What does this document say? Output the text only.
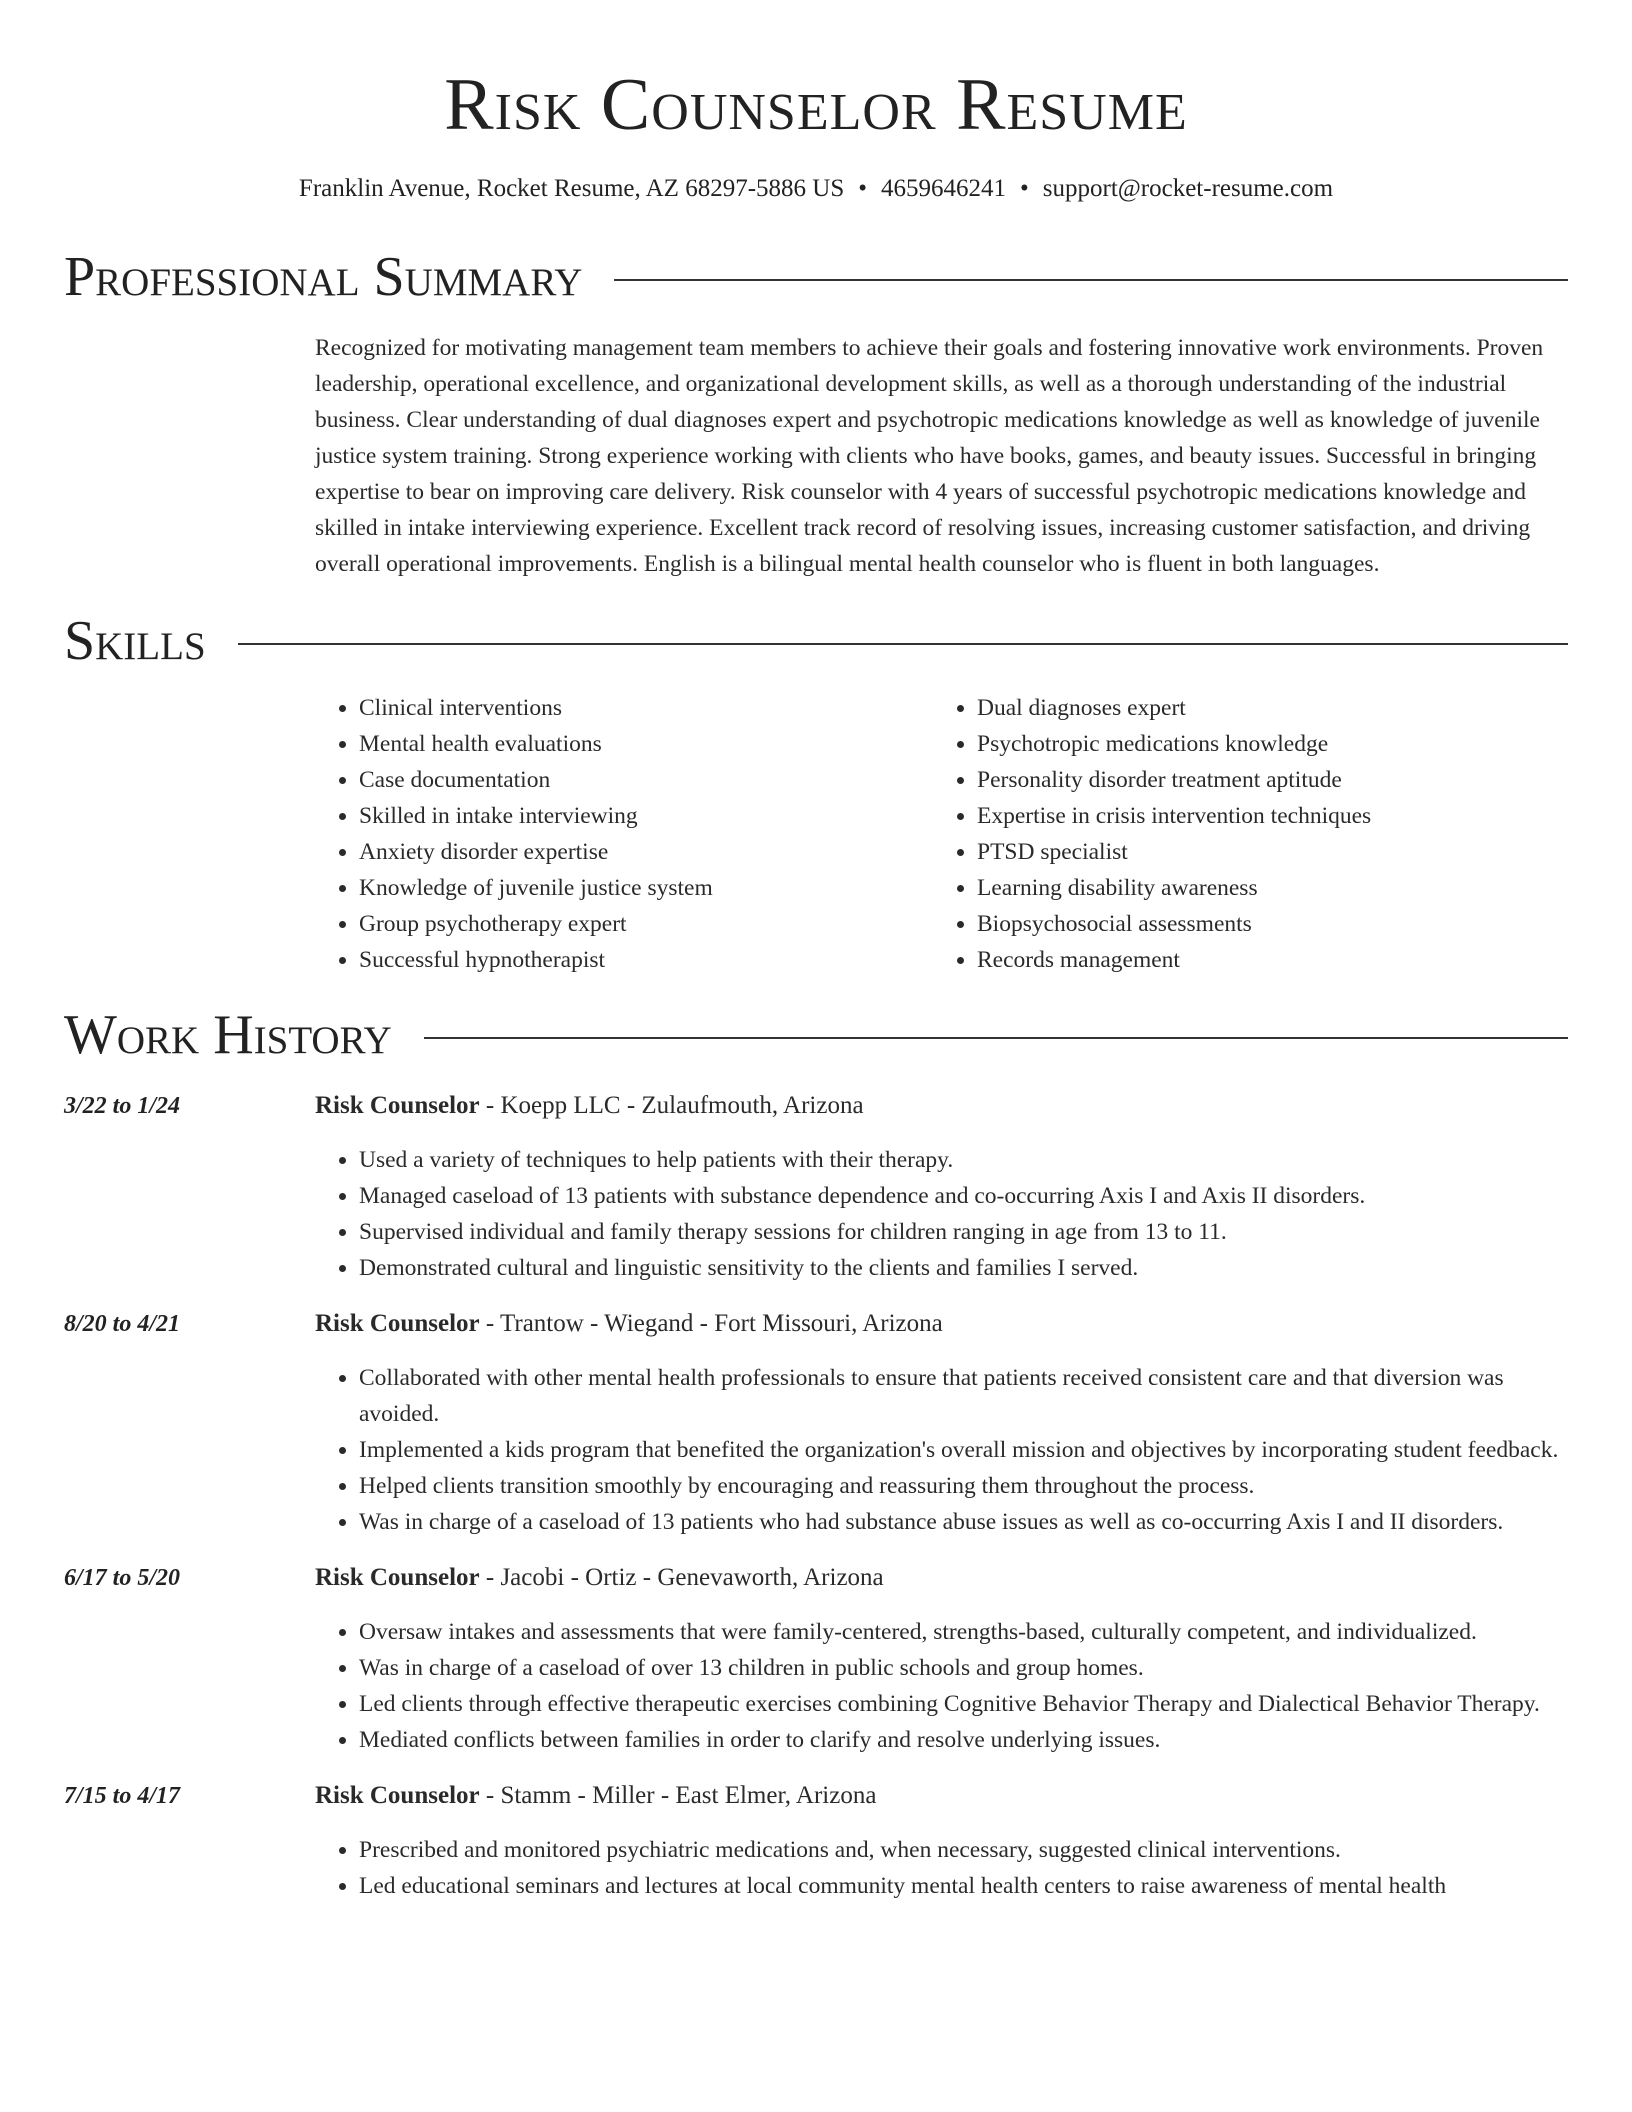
Risk Counselor Resume
Franklin Avenue, Rocket Resume, AZ 68297-5886 US • 4659646241 • support@rocket-resume.com
Professional Summary
Recognized for motivating management team members to achieve their goals and fostering innovative work environments. Proven leadership, operational excellence, and organizational development skills, as well as a thorough understanding of the industrial business. Clear understanding of dual diagnoses expert and psychotropic medications knowledge as well as knowledge of juvenile justice system training. Strong experience working with clients who have books, games, and beauty issues. Successful in bringing expertise to bear on improving care delivery. Risk counselor with 4 years of successful psychotropic medications knowledge and skilled in intake interviewing experience. Excellent track record of resolving issues, increasing customer satisfaction, and driving overall operational improvements. English is a bilingual mental health counselor who is fluent in both languages.
Skills
• Clinical interventions
• Mental health evaluations
• Case documentation
• Skilled in intake interviewing
• Anxiety disorder expertise
• Knowledge of juvenile justice system
• Group psychotherapy expert
• Successful hypnotherapist
• Dual diagnoses expert
• Psychotropic medications knowledge
• Personality disorder treatment aptitude
• Expertise in crisis intervention techniques
• PTSD specialist
• Learning disability awareness
• Biopsychosocial assessments
• Records management
Work History
3/22 to 1/24	Risk Counselor - Koepp LLC - Zulaufmouth, Arizona
• Used a variety of techniques to help patients with their therapy.
• Managed caseload of 13 patients with substance dependence and co-occurring Axis I and Axis II disorders.
• Supervised individual and family therapy sessions for children ranging in age from 13 to 11.
• Demonstrated cultural and linguistic sensitivity to the clients and families I served.
8/20 to 4/21	Risk Counselor - Trantow - Wiegand - Fort Missouri, Arizona
• Collaborated with other mental health professionals to ensure that patients received consistent care and that diversion was avoided.
• Implemented a kids program that benefited the organization's overall mission and objectives by incorporating student feedback.
• Helped clients transition smoothly by encouraging and reassuring them throughout the process.
• Was in charge of a caseload of 13 patients who had substance abuse issues as well as co-occurring Axis I and II disorders.
6/17 to 5/20	Risk Counselor - Jacobi - Ortiz - Genevaworth, Arizona
• Oversaw intakes and assessments that were family-centered, strengths-based, culturally competent, and individualized.
• Was in charge of a caseload of over 13 children in public schools and group homes.
• Led clients through effective therapeutic exercises combining Cognitive Behavior Therapy and Dialectical Behavior Therapy.
• Mediated conflicts between families in order to clarify and resolve underlying issues.
7/15 to 4/17	Risk Counselor - Stamm - Miller - East Elmer, Arizona
• Prescribed and monitored psychiatric medications and, when necessary, suggested clinical interventions.
• Led educational seminars and lectures at local community mental health centers to raise awareness of mental health
